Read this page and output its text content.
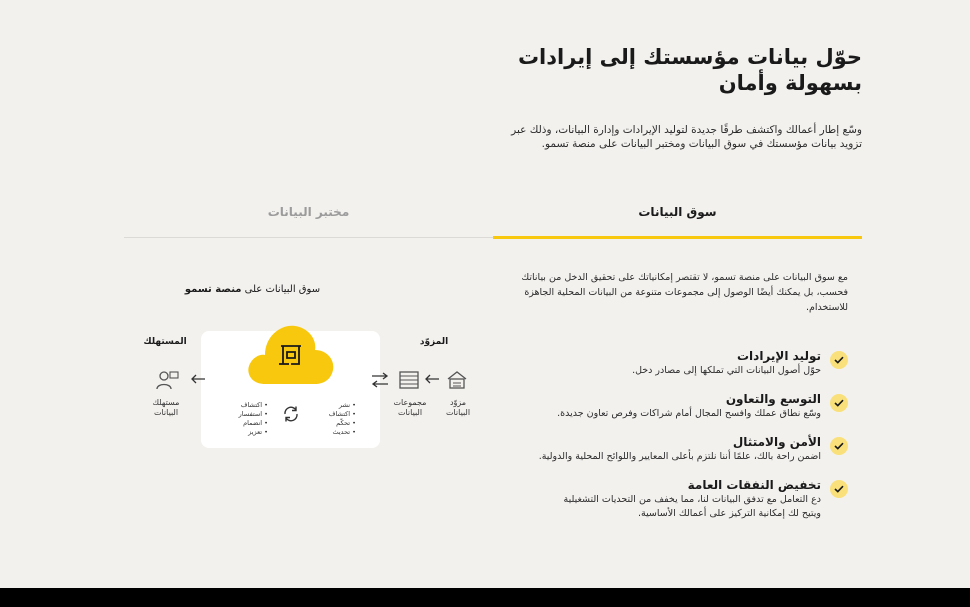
حوّل بيانات مؤسستك إلى إيرادات
بسهولة وأمان

وسّع إطار أعمالك واكتشف طرقًا جديدة لتوليد الإيرادات وإدارة البيانات، وذلك عبر تزويد بيانات مؤسستك في سوق البيانات ومختبر البيانات على منصة تسمو.

سوق البيانات
مختبر البيانات

مع سوق البيانات على منصة تسمو، لا تقتصر إمكانياتك على تحقيق الدخل من بياناتك فحسب، بل يمكنك أيضًا الوصول إلى مجموعات متنوعة من البيانات المحلية الجاهزة للاستخدام.

توليد الإيرادات
حوّل أصول البيانات التي تملكها إلى مصادر دخل.
التوسع والتعاون
وسّع نطاق عملك وافسح المجال أمام شراكات وفرص تعاون جديدة.
الأمن والامتثال
اضمن راحة بالك، علمًا أننا نلتزم بأعلى المعايير واللوائح المحلية والدولية.
تخفيض النفقات العامة
دع التعامل مع تدفق البيانات لنا، مما يخفف من التحديات التشغيلية
ويتيح لك إمكانية التركيز على أعمالك الأساسية.
سوق البيانات على منصة تسمو
المزوّد
المستهلك
مزوّد
البيانات
مجموعات
البيانات
• نشر
• اكتشاف
• تحكّم
• تحديث
• اكتشاف
• استفسار
• انضمام
• تعزيز
مستهلك
البيانات
